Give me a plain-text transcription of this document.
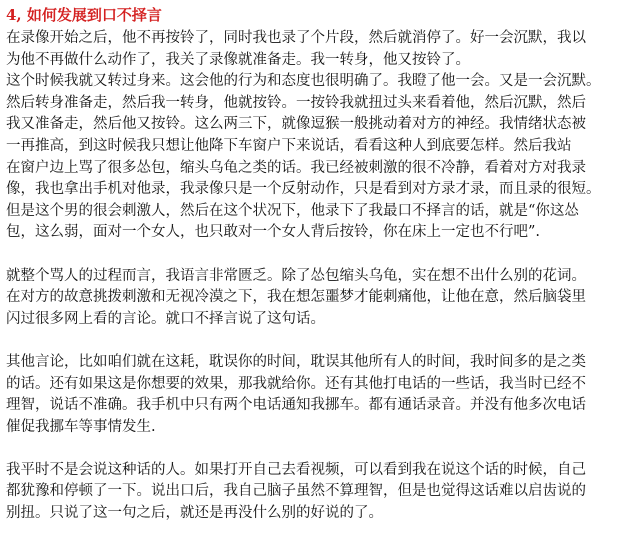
4, 如何发展到口不择言
在录像开始之后，他不再按铃了，同时我也录了个片段，然后就消停了。好一会沉默，我以
为他不再做什么动作了，我关了录像就准备走。我一转身，他又按铃了。
这个时候我就又转过身来。这会他的行为和态度也很明确了。我瞪了他一会。又是一会沉默。
然后转身准备走，然后我一转身，他就按铃。一按铃我就扭过头来看着他，然后沉默，然后
我又准备走，然后他又按铃。这么两三下，就像逗猴一般挑动着对方的神经。我情绪状态被
一再推高，到这时候我只想让他降下车窗户下来说话，看看这种人到底要怎样。然后我站
在窗户边上骂了很多怂包，缩头乌龟之类的话。我已经被刺激的很不冷静，看着对方对我录
像，我也拿出手机对他录，我录像只是一个反射动作，只是看到对方录才录，而且录的很短。
但是这个男的很会刺激人，然后在这个状况下，他录下了我最口不择言的话，就是“你这怂
包，这么弱，面对一个女人，也只敢对一个女人背后按铃，你在床上一定也不行吧”.
就整个骂人的过程而言，我语言非常匮乏。除了怂包缩头乌龟，实在想不出什么别的花词。
在对方的故意挑拨刺激和无视冷漠之下，我在想怎噩梦才能刺痛他，让他在意，然后脑袋里
闪过很多网上看的言论。就口不择言说了这句话。
其他言论，比如咱们就在这耗，耽误你的时间，耽误其他所有人的时间，我时间多的是之类
的话。还有如果这是你想要的效果，那我就给你。还有其他打电话的一些话，我当时已经不
理智，说话不准确。我手机中只有两个电话通知我挪车。都有通话录音。并没有他多次电话
催促我挪车等事情发生.
我平时不是会说这种话的人。如果打开自己去看视频，可以看到我在说这个话的时候，自己
都犹豫和停顿了一下。说出口后，我自己脑子虽然不算理智，但是也觉得这话难以启齿说的
别扭。只说了这一句之后，就还是再没什么别的好说的了。
